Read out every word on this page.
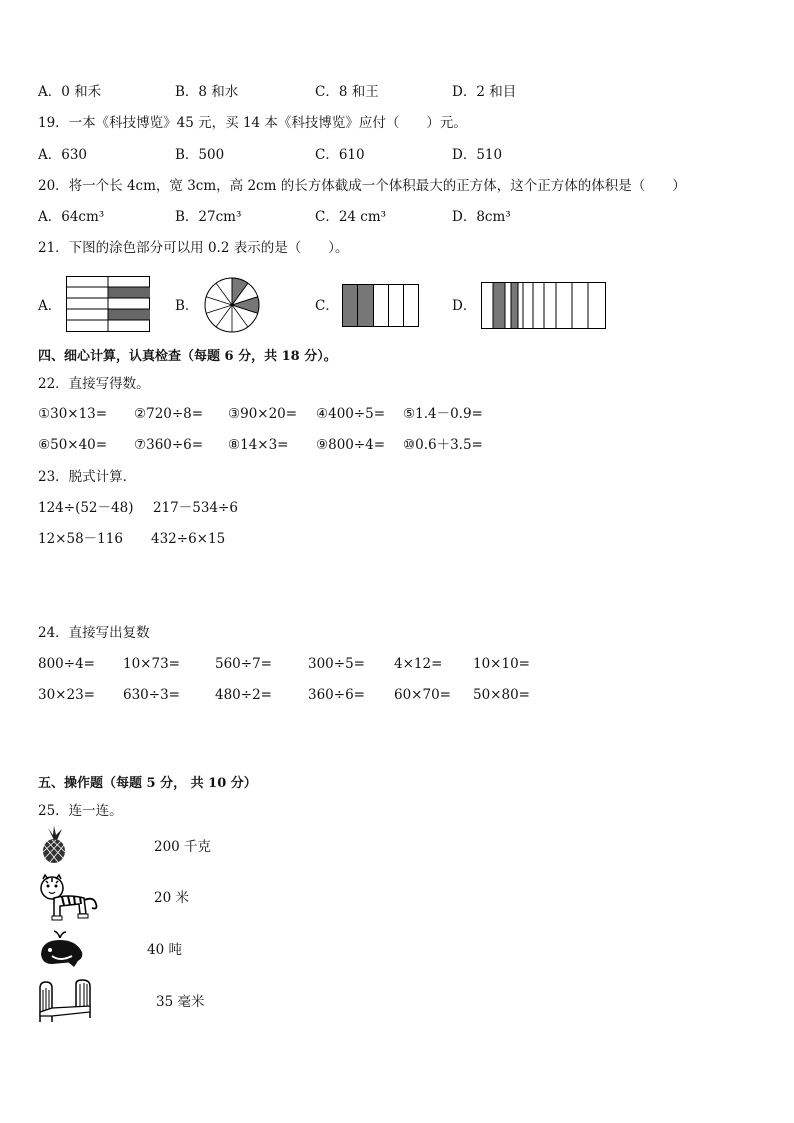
A．0 和禾	B．8 和水	C．8 和王	D．2 和目
19．一本《科技博览》45 元，买 14 本《科技博览》应付（　　）元。
A．630	B．500	C．610	D．510
20．将一个长 4cm，宽 3cm，高 2cm 的长方体截成一个体积最大的正方体，这个正方体的体积是（　　）
A．64cm³	B．27cm³	C．24 cm³	D．8cm³
21．下图的涂色部分可以用 0.2 表示的是（　　）。
A．	B．	C．	D．
四、细心计算，认真检查（每题 6 分，共 18 分）。
22．直接写得数。
①30×13= ②720÷8= ③90×20= ④400÷5= ⑤1.4－0.9=
⑥50×40= ⑦360÷6= ⑧14×3= ⑨800÷4= ⑩0.6＋3.5=
23．脱式计算．
124÷(52－48) 217－534÷6
12×58－116 432÷6×15
24．直接写出复数
800÷4= 10×73=	560÷7=	300÷5= 4×12= 10×10=
30×23= 630÷3=	480÷2=	360÷6= 60×70= 50×80=
五、操作题（每题 5 分， 共 10 分）
25．连一连。
200 千克
20 米
40 吨
35 毫米
